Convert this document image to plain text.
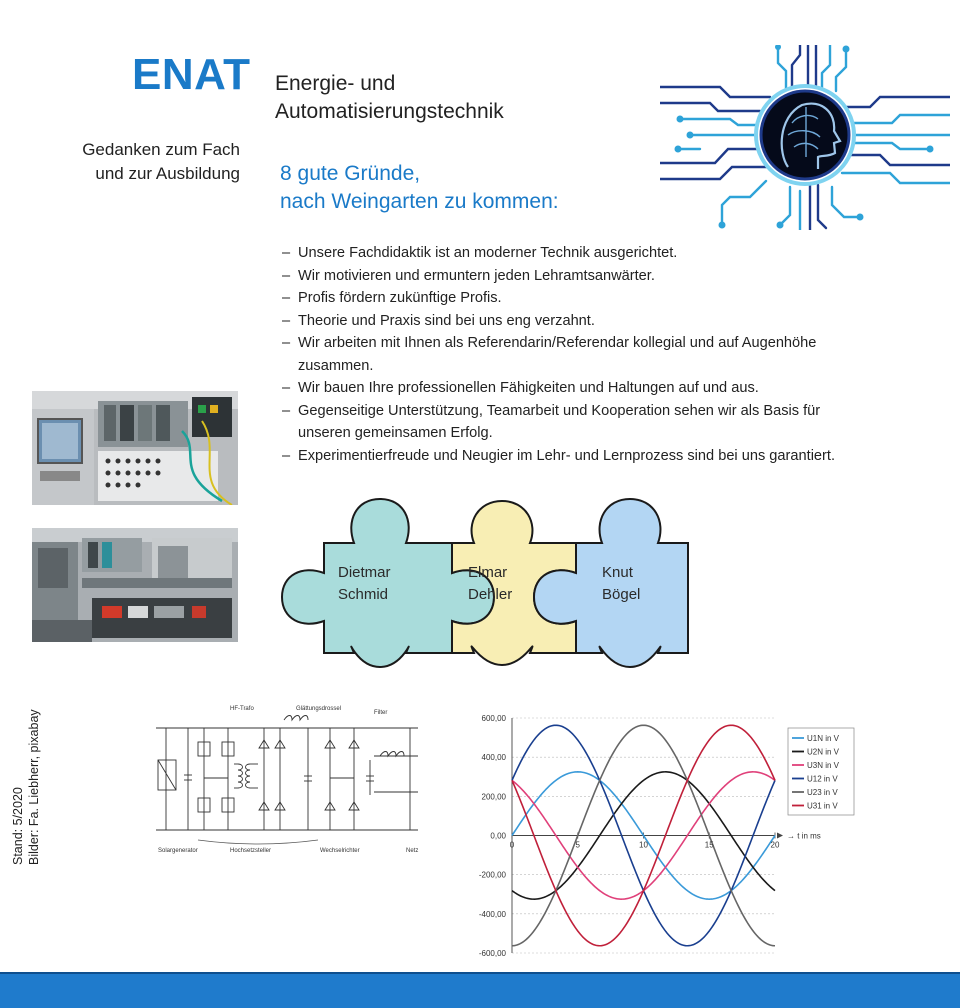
ENAT Energie- und
Automatisierungstechnik
Gedanken zum Fach
und zur Ausbildung 8 gute Gründe,
nach Weingarten zu kommen:
– Unsere Fachdidaktik ist an moderner Technik ausgerichtet.
– Wir motivieren und ermuntern jeden Lehramtsanwärter.
– Profis fördern zukünftige Profis.
– Theorie und Praxis sind bei uns eng verzahnt.
– Wir arbeiten mit Ihnen als Referendarin/Referendar kollegial und auf Augenhöhe zusammen.
– Wir bauen Ihre professionellen Fähigkeiten und Haltungen auf und aus.
– Gegenseitige Unterstützung, Teamarbeit und Kooperation sehen wir als Basis für unseren gemeinsamen Erfolg.
– Experimentierfreude und Neugier im Lehr- und Lernprozess sind bei uns garantiert.
Dietmar
Schmid
Elmar
Dehler
Knut
Bögel
Stand: 5/2020 Bilder: Fa. Liebherr, pixabay
HF-Trafo	Glättungsdrossel
Filter
Solargenerator	Hochsetzsteller	Wechselrichter	Netz
600,00
400,00
200,00
0,00
-200,00
-400,00
-600,00
0	5	10	15	20
→ t in ms
U1N in V
U2N in V
U3N in V
U12 in V
U23 in V
U31 in V
